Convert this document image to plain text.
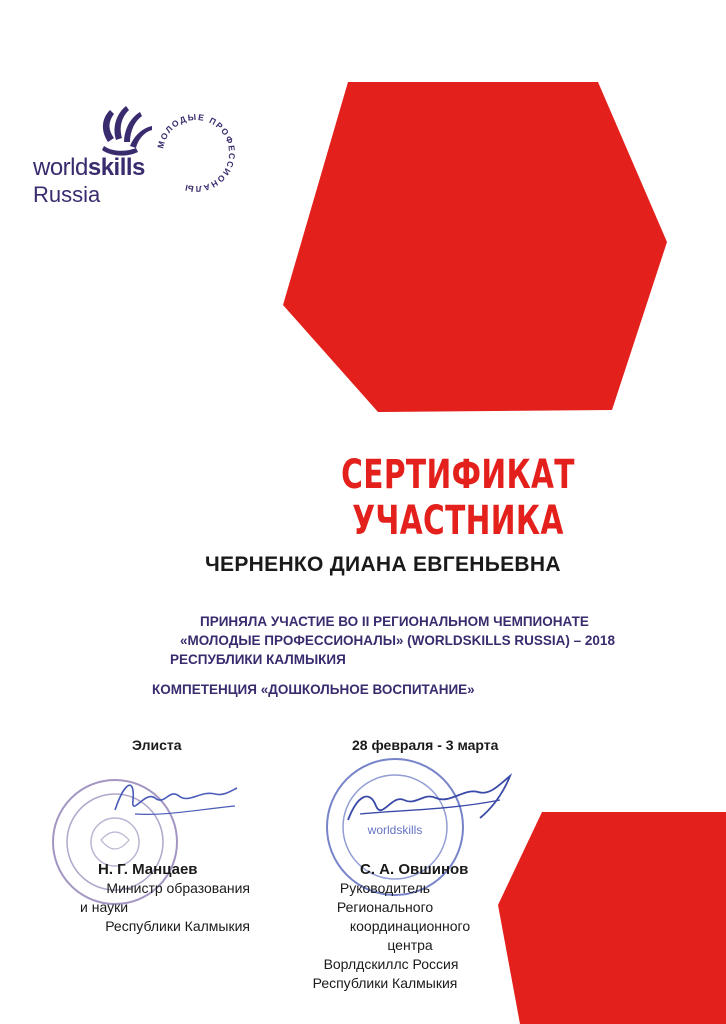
worldskills
Russia
МОЛОДЫЕ ПРОФЕССИОНАЛЫ
СЕРТИФИКАТ УЧАСТНИКА
ЧЕРНЕНКО ДИАНА ЕВГЕНЬЕВНА
ПРИНЯЛА УЧАСТИЕ ВО II РЕГИОНАЛЬНОМ ЧЕМПИОНАТЕ
«МОЛОДЫЕ ПРОФЕССИОНАЛЫ» (WORLDSKILLS RUSSIA) – 2018
РЕСПУБЛИКИ КАЛМЫКИЯ
КОМПЕТЕНЦИЯ «ДОШКОЛЬНОЕ ВОСПИТАНИЕ»
Элиста	28 февраля - 3 марта
worldskills
Н. Г. Манцаев
Министр образования
и науки
Республики Калмыкия
С. А. Овшинов
Руководитель
Регионального
координационного центра
Ворлдскиллс Россия
Республики Калмыкия
